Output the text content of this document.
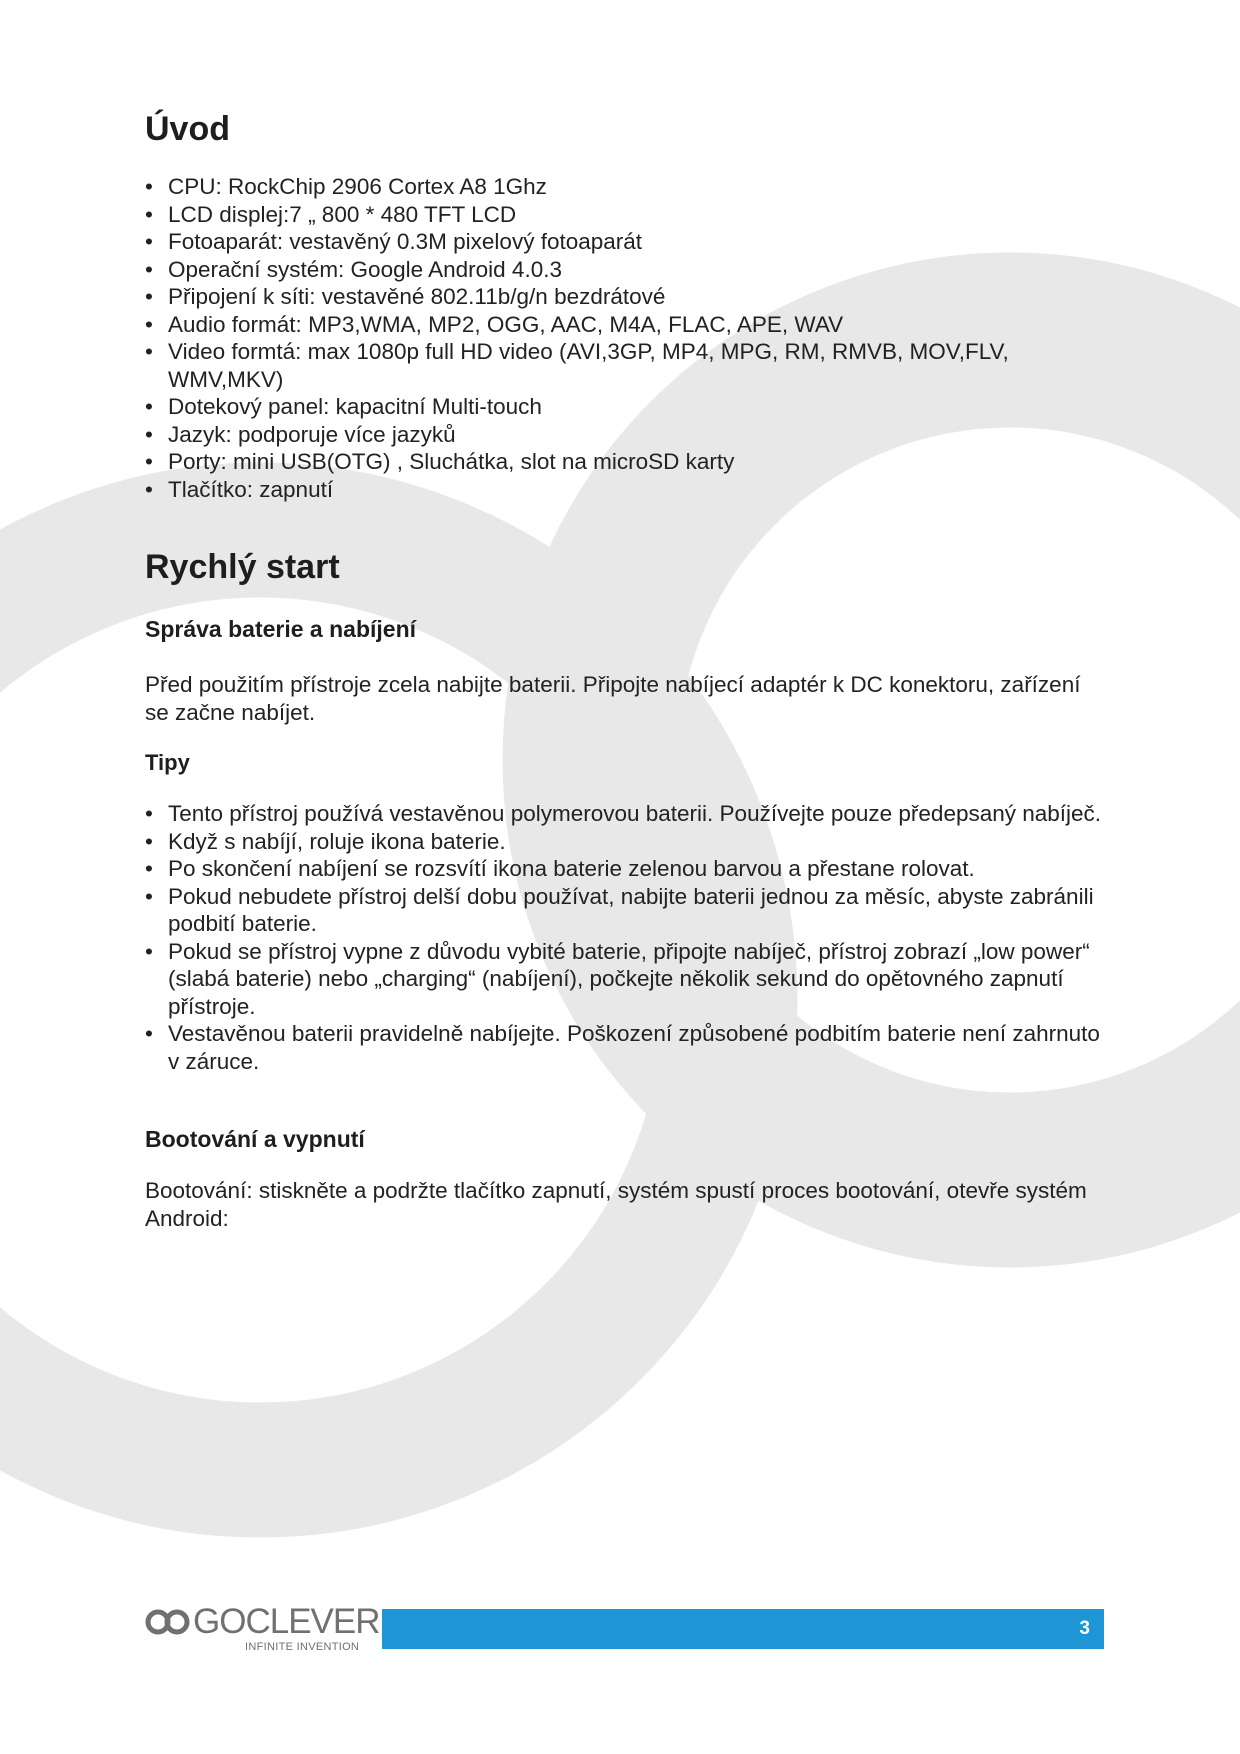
Úvod
• CPU: RockChip 2906 Cortex A8 1Ghz
• LCD displej:7 „ 800 * 480 TFT LCD
• Fotoaparát: vestavěný 0.3M pixelový fotoaparát
• Operační systém: Google Android 4.0.3
• Připojení k síti: vestavěné 802.11b/g/n bezdrátové
• Audio formát: MP3,WMA, MP2, OGG, AAC, M4A, FLAC, APE, WAV
• Video formtá: max 1080p full HD video (AVI,3GP, MP4, MPG, RM, RMVB, MOV,FLV, WMV,MKV)
• Dotekový panel: kapacitní Multi-touch
• Jazyk: podporuje více jazyků
• Porty: mini USB(OTG) , Sluchátka, slot na microSD karty
• Tlačítko: zapnutí
Rychlý start
Správa baterie a nabíjení

Před použitím přístroje zcela nabijte baterii. Připojte nabíjecí adaptér k DC konektoru, zařízení se začne nabíjet.

Tipy
• Tento přístroj používá vestavěnou polymerovou baterii. Používejte pouze předepsaný nabíječ.
• Když s nabíjí, roluje ikona baterie.
• Po skončení nabíjení se rozsvítí ikona baterie zelenou barvou a přestane rolovat.
• Pokud nebudete přístroj delší dobu používat, nabijte baterii jednou za měsíc, abyste zabránili podbití baterie.
• Pokud se přístroj vypne z důvodu vybité baterie, připojte nabíječ, přístroj zobrazí „low power“ (slabá baterie) nebo „charging“ (nabíjení), počkejte několik sekund do opětovného zapnutí přístroje.
• Vestavěnou baterii pravidelně nabíjejte. Poškození způsobené podbitím baterie není zahrnuto v záruce.
Bootování a vypnutí

Bootování: stiskněte a podržte tlačítko zapnutí, systém spustí proces bootování, otevře systém Android:

GOCLEVER
INFINITE INVENTION
3
